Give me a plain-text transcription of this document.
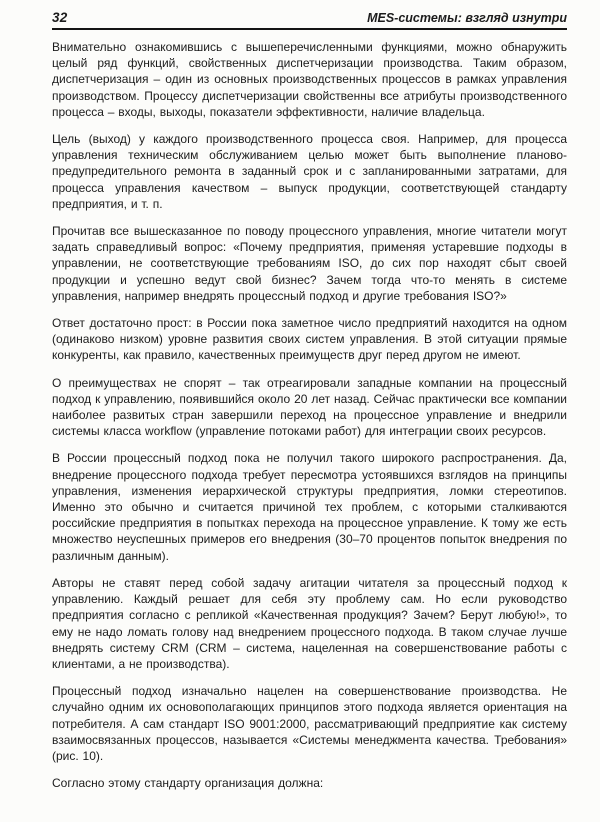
32	MES-системы: взгляд изнутри

Внимательно ознакомившись с вышеперечисленными функциями, можно обнаружить целый ряд функций, свойственных диспетчеризации производства. Таким образом, диспетчеризация – один из основных производственных процессов в рамках управления производством. Процессу диспетчеризации свойственны все атрибуты производственного процесса – входы, выходы, показатели эффективности, наличие владельца.

Цель (выход) у каждого производственного процесса своя. Например, для процесса управления техническим обслуживанием целью может быть выполнение планово-предупредительного ремонта в заданный срок и с запланированными затратами, для процесса управления качеством – выпуск продукции, соответствующей стандарту предприятия, и т. п.

Прочитав все вышесказанное по поводу процессного управления, многие читатели могут задать справедливый вопрос: «Почему предприятия, применяя устаревшие подходы в управлении, не соответствующие требованиям ISO, до сих пор находят сбыт своей продукции и успешно ведут свой бизнес? Зачем тогда что-то менять в системе управления, например внедрять процессный подход и другие требования ISO?»

Ответ достаточно прост: в России пока заметное число предприятий находится на одном (одинаково низком) уровне развития своих систем управления. В этой ситуации прямые конкуренты, как правило, качественных преимуществ друг перед другом не имеют.

О преимуществах не спорят – так отреагировали западные компании на процессный подход к управлению, появившийся около 20 лет назад. Сейчас практически все компании наиболее развитых стран завершили переход на процессное управление и внедрили системы класса workflow (управление потоками работ) для интеграции своих ресурсов.

В России процессный подход пока не получил такого широкого распространения. Да, внедрение процессного подхода требует пересмотра устоявшихся взглядов на принципы управления, изменения иерархической структуры предприятия, ломки стереотипов. Именно это обычно и считается причиной тех проблем, с которыми сталкиваются российские предприятия в попытках перехода на процессное управление. К тому же есть множество неуспешных примеров его внедрения (30–70 процентов попыток внедрения по различным данным).

Авторы не ставят перед собой задачу агитации читателя за процессный подход к управлению. Каждый решает для себя эту проблему сам. Но если руководство предприятия согласно с репликой «Качественная продукция? Зачем? Берут любую!», то ему не надо ломать голову над внедрением процессного подхода. В таком случае лучше внедрять систему CRM (CRM – система, нацеленная на совершенствование работы с клиентами, а не производства).

Процессный подход изначально нацелен на совершенствование производства. Не случайно одним их основополагающих принципов этого подхода является ориентация на потребителя. А сам стандарт ISO 9001:2000, рассматривающий предприятие как систему взаимосвязанных процессов, называется «Системы менеджмента качества. Требования» (рис. 10).

Согласно этому стандарту организация должна:
